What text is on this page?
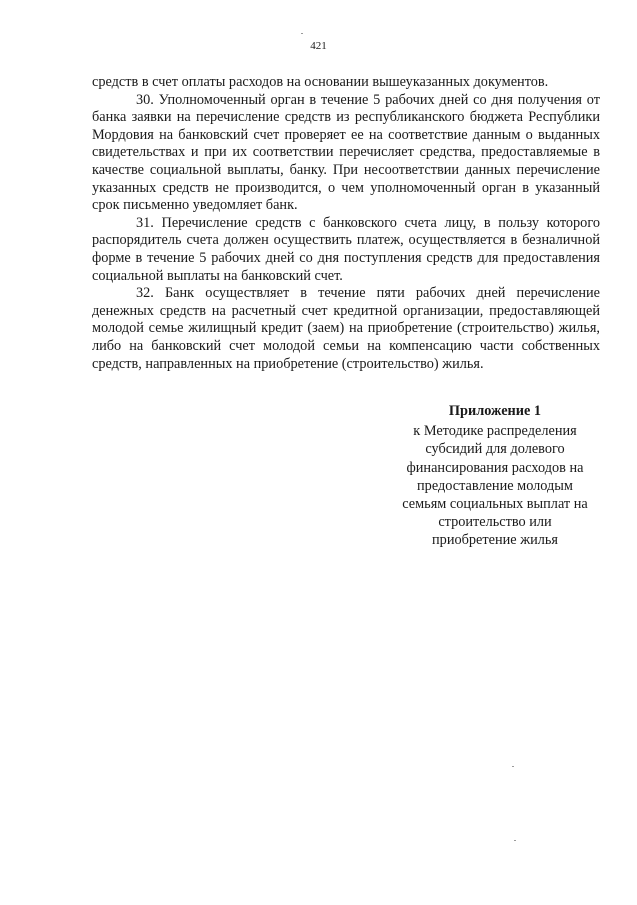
421

средств в счет оплаты расходов на основании вышеуказанных документов.

30. Уполномоченный орган в течение 5 рабочих дней со дня получения от банка заявки на перечисление средств из республиканского бюджета Республики Мордовия на банковский счет проверяет ее на соответствие данным о выданных свидетельствах и при их соответствии перечисляет средства, предоставляемые в качестве социальной выплаты, банку. При несоответствии данных перечисление указанных средств не производится, о чем уполномоченный орган в указанный срок письменно уведомляет банк.

31. Перечисление средств с банковского счета лицу, в пользу которого распорядитель счета должен осуществить платеж, осуществляется в безналичной форме в течение 5 рабочих дней со дня поступления средств для предоставления социальной выплаты на банковский счет.

32. Банк осуществляет в течение пяти рабочих дней перечисление денежных средств на расчетный счет кредитной организации, предоставляющей молодой семье жилищный кредит (заем) на приобретение (строительство) жилья, либо на банковский счет молодой семьи на компенсацию части собственных средств, направленных на приобретение (строительство) жилья.

Приложение 1
к Методике распределения
субсидий для долевого
финансирования расходов на
предоставление молодым
семьям социальных выплат на
строительство или
приобретение жилья
